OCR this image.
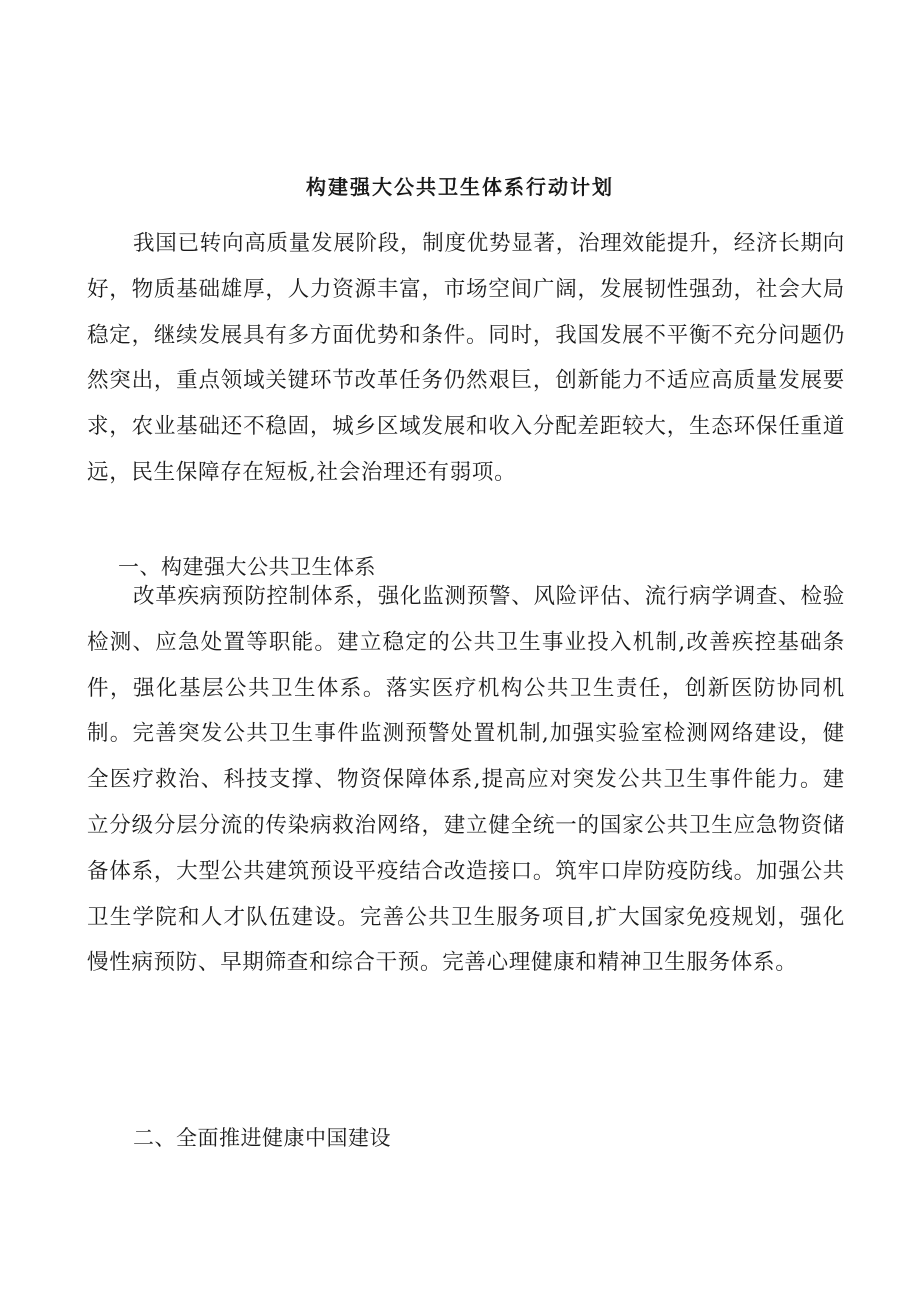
构建强大公共卫生体系行动计划

我国已转向高质量发展阶段，制度优势显著，治理效能提升，经济长期向好，物质基础雄厚，人力资源丰富，市场空间广阔，发展韧性强劲，社会大局稳定，继续发展具有多方面优势和条件。同时，我国发展不平衡不充分问题仍然突出，重点领域关键环节改革任务仍然艰巨，创新能力不适应高质量发展要求，农业基础还不稳固，城乡区域发展和收入分配差距较大，生态环保任重道远，民生保障存在短板,社会治理还有弱项。

一、构建强大公共卫生体系

改革疾病预防控制体系，强化监测预警、风险评估、流行病学调查、检验检测、应急处置等职能。建立稳定的公共卫生事业投入机制,改善疾控基础条件，强化基层公共卫生体系。落实医疗机构公共卫生责任，创新医防协同机制。完善突发公共卫生事件监测预警处置机制,加强实验室检测网络建设，健全医疗救治、科技支撑、物资保障体系,提高应对突发公共卫生事件能力。建立分级分层分流的传染病救治网络，建立健全统一的国家公共卫生应急物资储备体系，大型公共建筑预设平疫结合改造接口。筑牢口岸防疫防线。加强公共卫生学院和人才队伍建设。完善公共卫生服务项目,扩大国家免疫规划，强化慢性病预防、早期筛查和综合干预。完善心理健康和精神卫生服务体系。

二、全面推进健康中国建设
